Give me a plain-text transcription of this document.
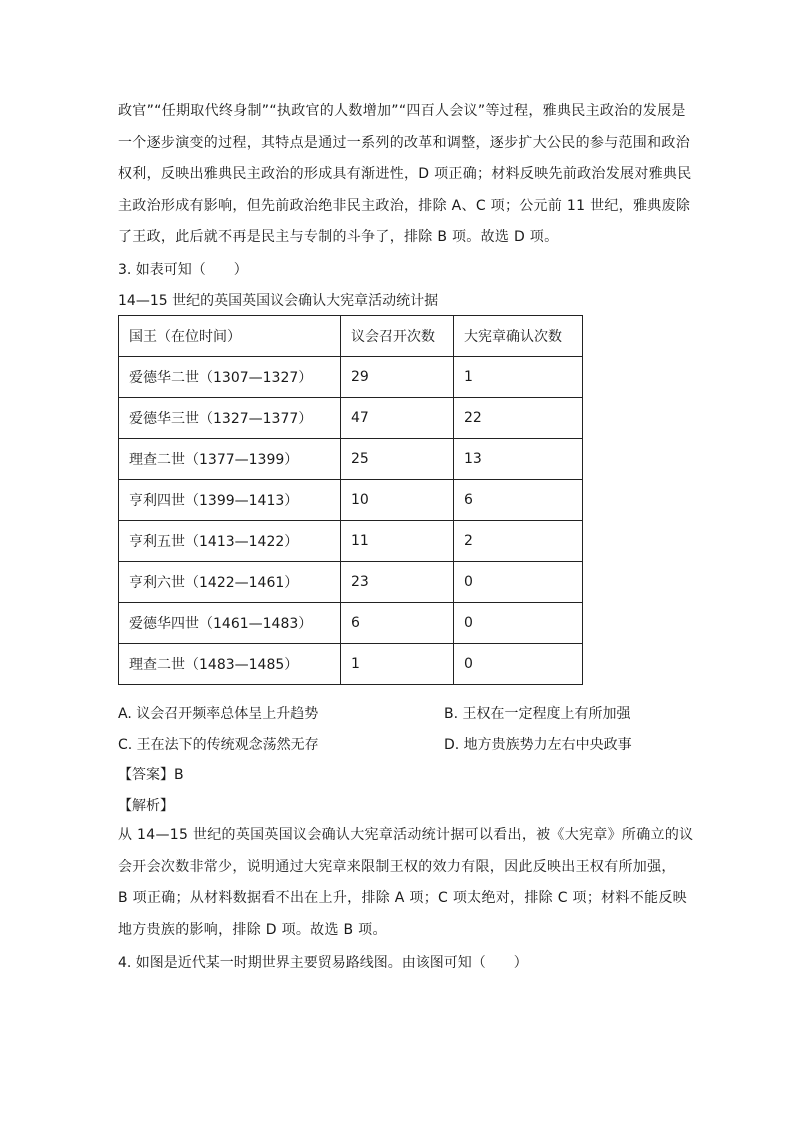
政官”“任期取代终身制”“执政官的人数增加”“四百人会议”等过程，雅典民主政治的发展是
一个逐步演变的过程，其特点是通过一系列的改革和调整，逐步扩大公民的参与范围和政治
权利，反映出雅典民主政治的形成具有渐进性，D 项正确；材料反映先前政治发展对雅典民
主政治形成有影响，但先前政治绝非民主政治，排除 A、C 项；公元前 11 世纪，雅典废除
了王政，此后就不再是民主与专制的斗争了，排除 B 项。故选 D 项。
3. 如表可知（　　）
14—15 世纪的英国英国议会确认大宪章活动统计据
国王（在位时间）	议会召开次数	大宪章确认次数
爱德华二世（1307—1327）	29	1
爱德华三世（1327—1377）	47	22
理查二世（1377—1399）	25	13
亨利四世（1399—1413）	10	6
亨利五世（1413—1422）	11	2
亨利六世（1422—1461）	23	0
爱德华四世（1461—1483）	6	0
理查二世（1483—1485）	1	0
A. 议会召开频率总体呈上升趋势	B. 王权在一定程度上有所加强
C. 王在法下的传统观念荡然无存	D. 地方贵族势力左右中央政事
【答案】B
【解析】
从 14—15 世纪的英国英国议会确认大宪章活动统计据可以看出，被《大宪章》所确立的议
会开会次数非常少，说明通过大宪章来限制王权的效力有限，因此反映出王权有所加强，
B 项正确；从材料数据看不出在上升，排除 A 项；C 项太绝对，排除 C 项；材料不能反映
地方贵族的影响，排除 D 项。故选 B 项。
4. 如图是近代某一时期世界主要贸易路线图。由该图可知（　　）
